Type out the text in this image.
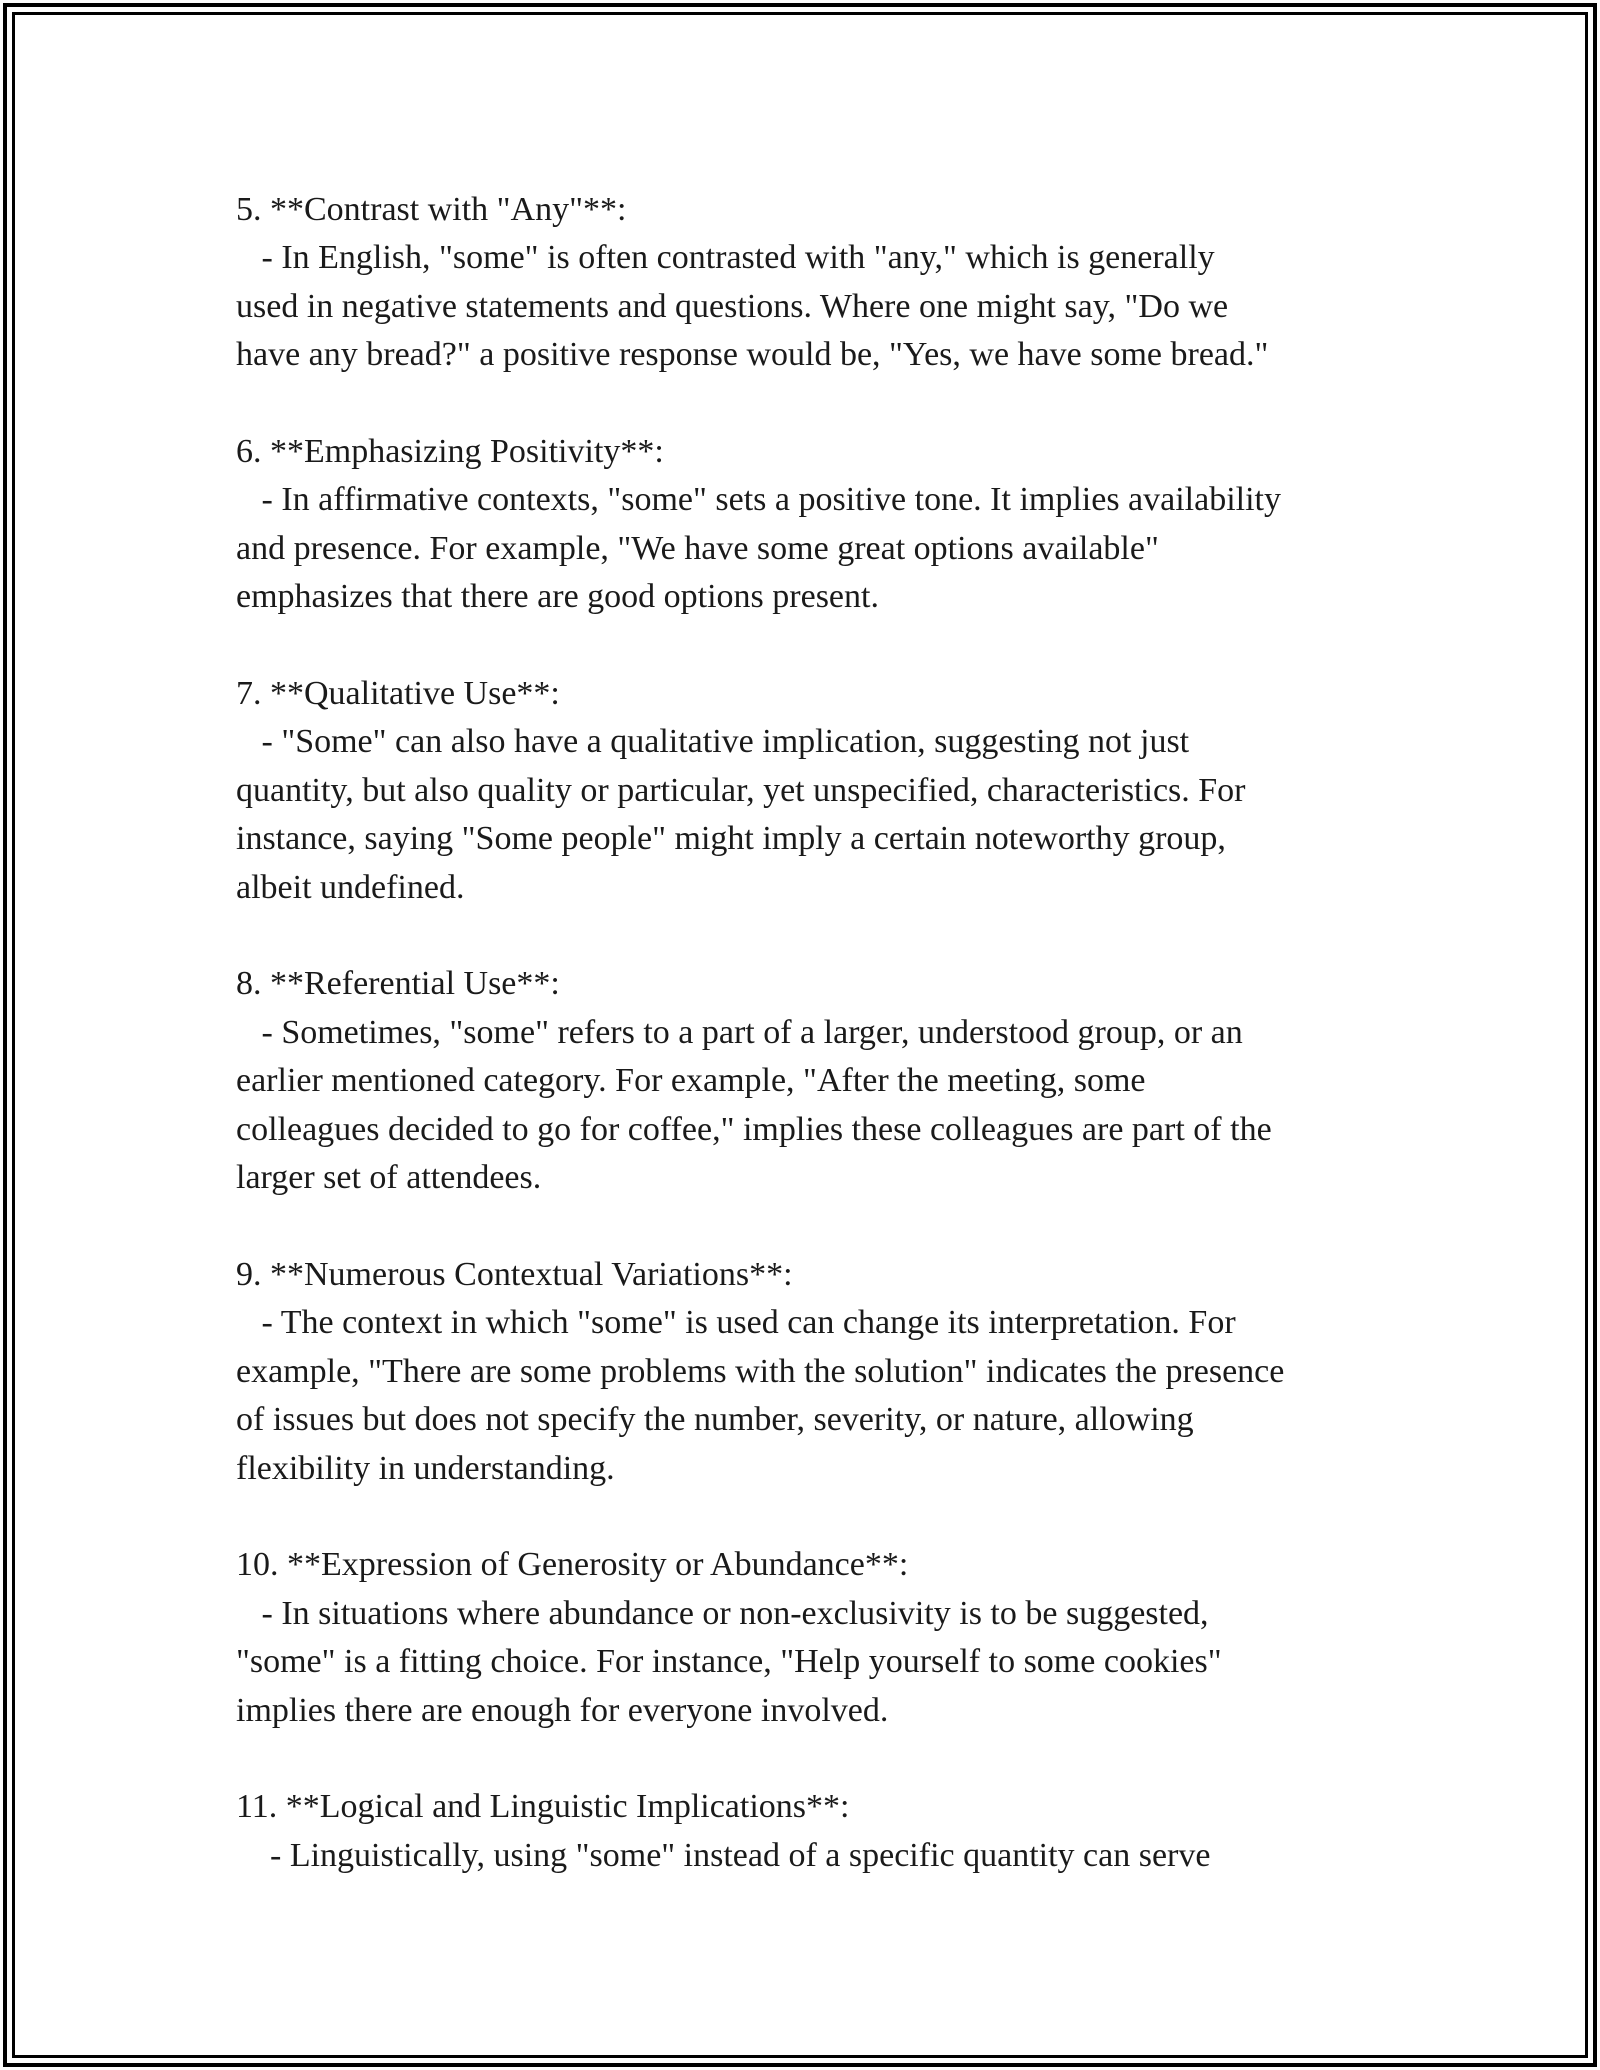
5. **Contrast with "Any"**:
- In English, "some" is often contrasted with "any," which is generally
used in negative statements and questions. Where one might say, "Do we
have any bread?" a positive response would be, "Yes, we have some bread."
6. **Emphasizing Positivity**:
- In affirmative contexts, "some" sets a positive tone. It implies availability
and presence. For example, "We have some great options available"
emphasizes that there are good options present.
7. **Qualitative Use**:
- "Some" can also have a qualitative implication, suggesting not just
quantity, but also quality or particular, yet unspecified, characteristics. For
instance, saying "Some people" might imply a certain noteworthy group,
albeit undefined.
8. **Referential Use**:
- Sometimes, "some" refers to a part of a larger, understood group, or an
earlier mentioned category. For example, "After the meeting, some
colleagues decided to go for coffee," implies these colleagues are part of the
larger set of attendees.
9. **Numerous Contextual Variations**:
- The context in which "some" is used can change its interpretation. For
example, "There are some problems with the solution" indicates the presence
of issues but does not specify the number, severity, or nature, allowing
flexibility in understanding.
10. **Expression of Generosity or Abundance**:
- In situations where abundance or non-exclusivity is to be suggested,
"some" is a fitting choice. For instance, "Help yourself to some cookies"
implies there are enough for everyone involved.
11. **Logical and Linguistic Implications**:
- Linguistically, using "some" instead of a specific quantity can serve
